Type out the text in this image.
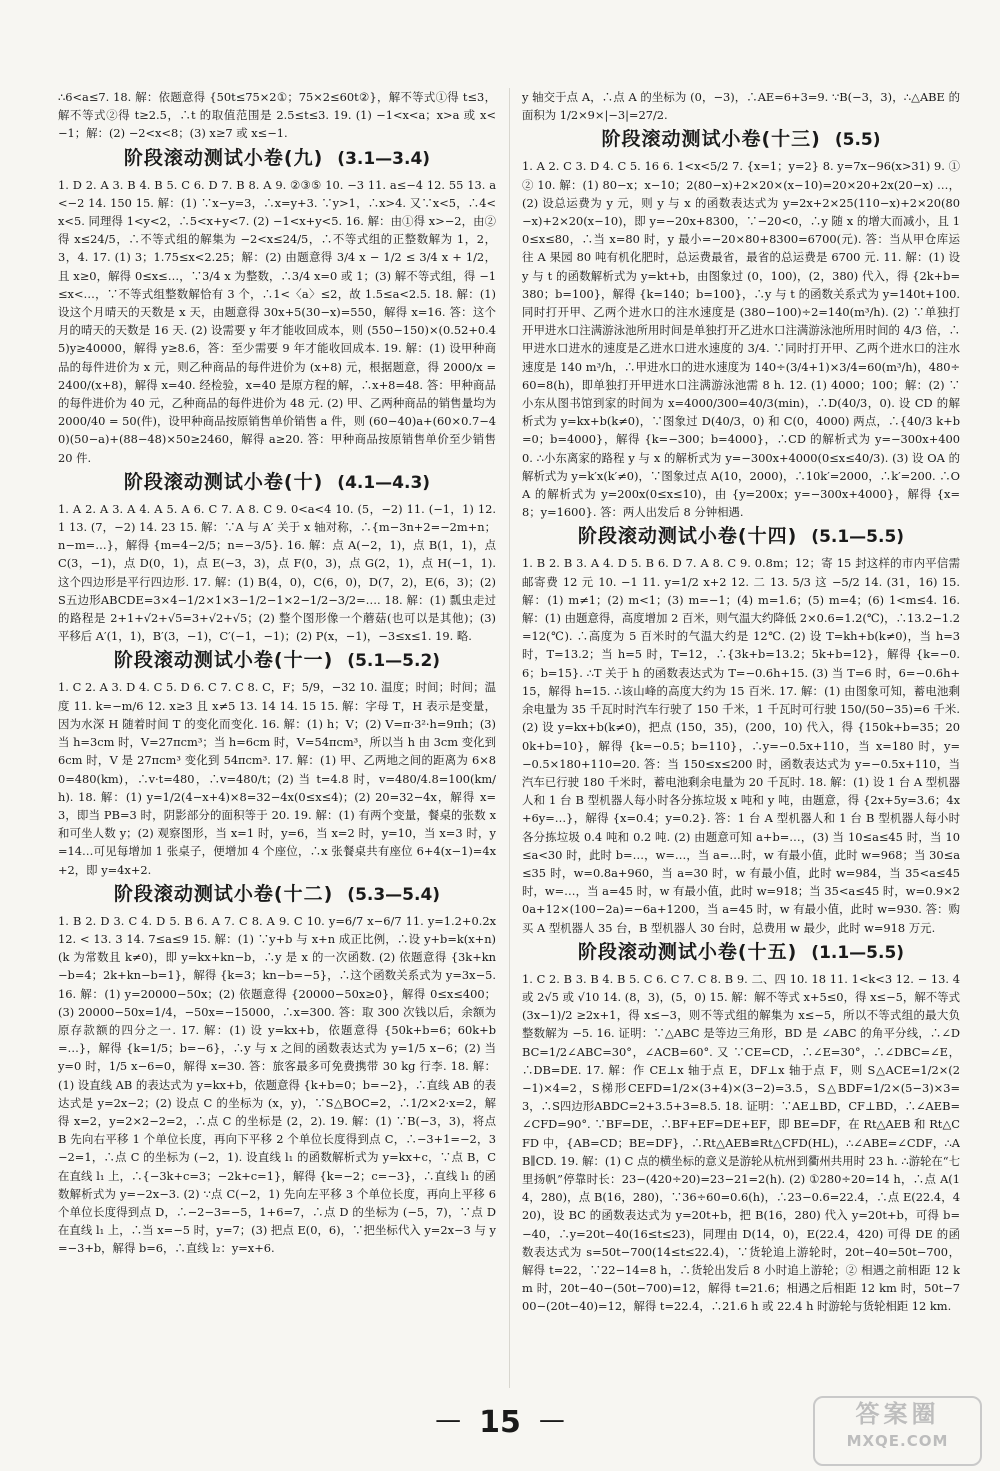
∴6<a≤7. 18. 解：依题意得 {50t≤75×2①；75×2≤60t②}，解不等式①得 t≤3，解不等式②得 t≥2.5，∴t 的取值范围是 2.5≤t≤3. 19. (1) −1<x<a；x>a 或 x<−1；解：(2) −2<x<8；(3) x≥7 或 x≤−1.

阶段滚动测试小卷(九) (3.1—3.4)

1. D 2. A 3. B 4. B 5. C 6. D 7. B 8. A 9. ②③⑤ 10. −3 11. a≤−4 12. 55 13. a<−2 14. 150 15. 解：(1) ∵x−y=3，∴x=y+3. ∵y>1，∴x>4. 又∵x<5，∴4<x<5. 同理得 1<y<2，∴5<x+y<7. (2) −1<x+y<5. 16. 解：由①得 x>−2，由②得 x≤24/5，∴不等式组的解集为 −2<x≤24/5，∴不等式组的正整数解为 1，2，3，4. 17. (1) 3；1.75≤x<2.25；解：(2) 由题意得 3/4 x − 1/2 ≤ 3/4 x + 1/2，且 x≥0，解得 0≤x≤…，∵3/4 x 为整数，∴3/4 x=0 或 1；(3) 解不等式组，得 −1≤x<…，∵不等式组整数解恰有 3 个，∴1<〈a〉≤2，故 1.5≤a<2.5. 18. 解：(1) 设这个月晴天的天数是 x 天，由题意得 30x+5(30−x)=550，解得 x=16. 答：这个月的晴天的天数是 16 天. (2) 设需要 y 年才能收回成本，则 (550−150)×(0.52+0.45)y≥40000，解得 y≥8.6，答：至少需要 9 年才能收回成本. 19. 解：(1) 设甲种商品的每件进价为 x 元，则乙种商品的每件进价为 (x+8) 元，根据题意，得 2000/x = 2400/(x+8)，解得 x=40. 经检验，x=40 是原方程的解，∴x+8=48. 答：甲种商品的每件进价为 40 元，乙种商品的每件进价为 48 元. (2) 甲、乙两种商品的销售量均为 2000/40 = 50(件)，设甲种商品按原销售单价销售 a 件，则 (60−40)a+(60×0.7−40)(50−a)+(88−48)×50≥2460，解得 a≥20. 答：甲种商品按原销售单价至少销售 20 件.

阶段滚动测试小卷(十) (4.1—4.3)

1. A 2. A 3. A 4. A 5. A 6. C 7. A 8. C 9. 0<a<4 10. (5，−2) 11. (−1，1) 12. 1 13. (7，−2) 14. 23 15. 解：∵A 与 A′ 关于 x 轴对称，∴{m−3n+2=−2m+n；n−m=…}，解得 {m=4−2/5；n=−3/5}. 16. 解：点 A(−2，1)，点 B(1，1)，点 C(3，−1)，点 D(0，1)，点 E(−3，3)，点 F(0，3)，点 G(2，1)，点 H(−1，1). 这个四边形是平行四边形. 17. 解：(1) B(4，0)，C(6，0)，D(7，2)，E(6，3)；(2) S五边形ABCDE=3×4−1/2×1×3−1/2−1×2−1/2−3/2=…. 18. 解：(1) 瓢虫走过的路程是 2+1+√2+√5=3+√2+√5；(2) 整个图形像一个蘑菇(也可以是其他)；(3) 平移后 A′(1，1)，B′(3，−1)，C′(−1，−1)；(2) P(x，−1)，−3≤x≤1. 19. 略.

阶段滚动测试小卷(十一) (5.1—5.2)

1. C 2. A 3. D 4. C 5. D 6. C 7. C 8. C，F；5/9，−32 10. 温度；时间；时间；温度 11. k=−m/6 12. x≥3 且 x≠5 13. 14 14. 15 15. 解：字母 T，H 表示是变量，因为水深 H 随着时间 T 的变化而变化. 16. 解：(1) h；V；(2) V=π·3²·h=9πh；(3) 当 h=3cm 时，V=27πcm³；当 h=6cm 时，V=54πcm³，所以当 h 由 3cm 变化到 6cm 时，V 是 27πcm³ 变化到 54πcm³. 17. 解：(1) 甲、乙两地之间的距离为 6×80=480(km)，∴v·t=480，∴v=480/t；(2) 当 t=4.8 时，v=480/4.8=100(km/h). 18. 解：(1) y=1/2(4−x+4)×8=32−4x(0≤x≤4)；(2) 20=32−4x，解得 x=3，即当 PB=3 时，阴影部分的面积等于 20. 19. 解：(1) 有两个变量，餐桌的张数 x 和可坐人数 y；(2) 观察图形，当 x=1 时，y=6，当 x=2 时，y=10，当 x=3 时，y=14…可见每增加 1 张桌子，便增加 4 个座位，∴x 张餐桌共有座位 6+4(x−1)=4x+2，即 y=4x+2.

阶段滚动测试小卷(十二) (5.3—5.4)

1. B 2. D 3. C 4. D 5. B 6. A 7. C 8. A 9. C 10. y=6/7 x−6/7 11. y=1.2+0.2x 12. < 13. 3 14. 7≤a≤9 15. 解：(1) ∵y+b 与 x+n 成正比例，∴设 y+b=k(x+n)(k 为常数且 k≠0)，即 y=kx+kn−b，∴y 是 x 的一次函数. (2) 依题意得 {3k+kn−b=4；2k+kn−b=1}，解得 {k=3；kn−b=−5}，∴这个函数关系式为 y=3x−5. 16. 解：(1) y=20000−50x；(2) 依题意得 {20000−50x≥0}，解得 0≤x≤400；(3) 20000−50x=1/4，−50x=−15000，∴x=300. 答：取 300 次钱以后，余额为原存款额的四分之一. 17. 解：(1) 设 y=kx+b，依题意得 {50k+b=6；60k+b=…}，解得 {k=1/5；b=−6}，∴y 与 x 之间的函数表达式为 y=1/5 x−6；(2) 当 y=0 时，1/5 x−6=0，解得 x=30. 答：旅客最多可免费携带 30 kg 行李. 18. 解：(1) 设直线 AB 的表达式为 y=kx+b，依题意得 {k+b=0；b=−2}，∴直线 AB 的表达式是 y=2x−2；(2) 设点 C 的坐标为 (x，y)，∵S△BOC=2，∴1/2×2·x=2，解得 x=2，y=2×2−2=2，∴点 C 的坐标是 (2，2). 19. 解：(1) ∵B(−3，3)，将点 B 先向右平移 1 个单位长度，再向下平移 2 个单位长度得到点 C，∴−3+1=−2，3−2=1，∴点 C 的坐标为 (−2，1). 设直线 l₁ 的函数解析式为 y=kx+c，∵点 B，C 在直线 l₁ 上，∴{−3k+c=3；−2k+c=1}，解得 {k=−2；c=−3}，∴直线 l₁ 的函数解析式为 y=−2x−3. (2) ∵点 C(−2，1) 先向左平移 3 个单位长度，再向上平移 6 个单位长度得到点 D，∴−2−3=−5，1+6=7，∴点 D 的坐标为 (−5，7)，∵点 D 在直线 l₁ 上，∴当 x=−5 时，y=7；(3) 把点 E(0，6)，∵把坐标代入 y=2x−3 与 y=−3+b，解得 b=6，∴直线 l₂：y=x+6.

y 轴交于点 A，∴点 A 的坐标为 (0，−3)，∴AE=6+3=9. ∵B(−3，3)，∴△ABE 的面积为 1/2×9×|−3|=27/2.

阶段滚动测试小卷(十三) (5.5)

1. A 2. C 3. D 4. C 5. 16 6. 1<x<5/2 7. {x=1；y=2} 8. y=7x−96(x>31) 9. ①② 10. 解：(1) 80−x；x−10；2(80−x)+2×20×(x−10)=20×20+2x(20−x) …，(2) 设总运费为 y 元，则 y 与 x 的函数表达式为 y=2x+2×25(110−x)+2×20(80−x)+2×20(x−10)，即 y=−20x+8300，∵−20<0，∴y 随 x 的增大而减小，且 10≤x≤80，∴当 x=80 时，y 最小=−20×80+8300=6700(元). 答：当从甲仓库运往 A 果园 80 吨有机化肥时，总运费最省，最省的总运费是 6700 元. 11. 解：(1) 设 y 与 t 的函数解析式为 y=kt+b，由图象过 (0，100)，(2，380) 代入，得 {2k+b=380；b=100}，解得 {k=140；b=100}，∴y 与 t 的函数关系式为 y=140t+100. 同时打开甲、乙两个进水口的注水速度是 (380−100)÷2=140(m³/h). (2) ∵单独打开甲进水口注满游泳池所用时间是单独打开乙进水口注满游泳池所用时间的 4/3 倍，∴甲进水口进水的速度是乙进水口进水速度的 3/4. ∵同时打开甲、乙两个进水口的注水速度是 140 m³/h，∴甲进水口的进水速度为 140÷(3/4+1)×3/4=60(m³/h)，480÷60=8(h)，即单独打开甲进水口注满游泳池需 8 h. 12. (1) 4000；100；解：(2) ∵小东从图书馆到家的时间为 x=4000/300=40/3(min)，∴D(40/3，0). 设 CD 的解析式为 y=kx+b(k≠0)，∵图象过 D(40/3，0) 和 C(0，4000) 两点，∴{40/3 k+b=0；b=4000}，解得 {k=−300；b=4000}，∴CD 的解析式为 y=−300x+4000. ∴小东离家的路程 y 与 x 的解析式为 y=−300x+4000(0≤x≤40/3). (3) 设 OA 的解析式为 y=k′x(k′≠0)，∵图象过点 A(10，2000)，∴10k′=2000，∴k′=200. ∴OA 的解析式为 y=200x(0≤x≤10)，由 {y=200x；y=−300x+4000}，解得 {x=8；y=1600}. 答：两人出发后 8 分钟相遇.

阶段滚动测试小卷(十四) (5.1—5.5)

1. B 2. B 3. A 4. D 5. B 6. D 7. A 8. C 9. 0.8m；12；寄 15 封这样的市内平信需邮寄费 12 元 10. −1 11. y=1/2 x+2 12. 二 13. 5/3 这 −5/2 14. (31，16) 15. 解：(1) m≠1；(2) m<1；(3) m=−1；(4) m=1.6；(5) m=4；(6) 1<m≤4. 16. 解：(1) 由题意得，高度增加 2 百米，则气温大约降低 2×0.6=1.2(℃)，∴13.2−1.2=12(℃). ∴高度为 5 百米时的气温大约是 12℃. (2) 设 T=kh+b(k≠0)，当 h=3 时，T=13.2；当 h=5 时，T=12，∴{3k+b=13.2；5k+b=12}，解得 {k=−0.6；b=15}. ∴T 关于 h 的函数表达式为 T=−0.6h+15. (3) 当 T=6 时，6=−0.6h+15，解得 h=15. ∴该山峰的高度大约为 15 百米. 17. 解：(1) 由图象可知，蓄电池剩余电量为 35 千瓦时时汽车行驶了 150 千米，1 千瓦时可行驶 150/(50−35)=6 千米. (2) 设 y=kx+b(k≠0)，把点 (150，35)，(200，10) 代入，得 {150k+b=35；200k+b=10}，解得 {k=−0.5；b=110}，∴y=−0.5x+110，当 x=180 时，y=−0.5×180+110=20. 答：当 150≤x≤200 时，函数表达式为 y=−0.5x+110，当汽车已行驶 180 千米时，蓄电池剩余电量为 20 千瓦时. 18. 解：(1) 设 1 台 A 型机器人和 1 台 B 型机器人每小时各分拣垃圾 x 吨和 y 吨，由题意，得 {2x+5y=3.6；4x+6y=…}，解得 {x=0.4；y=0.2}. 答：1 台 A 型机器人和 1 台 B 型机器人每小时各分拣垃圾 0.4 吨和 0.2 吨. (2) 由题意可知 a+b=…，(3) 当 10≤a≤45 时，当 10≤a<30 时，此时 b=…，w=…，当 a=…时，w 有最小值，此时 w=968；当 30≤a≤35 时，w=0.8a+960，当 a=30 时，w 有最小值，此时 w=984，当 35<a≤45 时，w=…，当 a=45 时，w 有最小值，此时 w=918；当 35<a≤45 时，w=0.9×20a+12×(100−2a)=−6a+1200，当 a=45 时，w 有最小值，此时 w=930. 答：购买 A 型机器人 35 台，B 型机器人 30 台时，总费用 w 最少，此时 w=918 万元.

阶段滚动测试小卷(十五) (1.1—5.5)

1. C 2. B 3. B 4. B 5. C 6. C 7. C 8. B 9. 二、四 10. 18 11. 1<k<3 12. − 13. 4 或 2√5 或 √10 14. (8，3)，(5，0) 15. 解：解不等式 x+5≤0，得 x≤−5，解不等式 (3x−1)/2 ≥2x+1，得 x≤−3，则不等式组的解集为 x≤−5，所以不等式组的最大负整数解为 −5. 16. 证明：∵△ABC 是等边三角形，BD 是 ∠ABC 的角平分线，∴∠DBC=1/2∠ABC=30°，∠ACB=60°. 又 ∵CE=CD，∴∠E=30°，∴∠DBC=∠E，∴DB=DE. 17. 解：作 CE⊥x 轴于点 E，DF⊥x 轴于点 F，则 S△ACE=1/2×(2−1)×4=2，S梯形CEFD=1/2×(3+4)×(3−2)=3.5，S△BDF=1/2×(5−3)×3=3，∴S四边形ABDC=2+3.5+3=8.5. 18. 证明：∵AE⊥BD，CF⊥BD，∴∠AEB=∠CFD=90°. ∵BF=DE，∴BF+EF=DE+EF，即 BE=DF，在 Rt△AEB 和 Rt△CFD 中，{AB=CD；BE=DF}，∴Rt△AEB≌Rt△CFD(HL)，∴∠ABE=∠CDF，∴AB∥CD. 19. 解：(1) C 点的横坐标的意义是游轮从杭州到衢州共用时 23 h. ∴游轮在“七里扬帆”停靠时长：23−(420÷20)=23−21=2(h). (2) ①280÷20=14 h，∴点 A(14，280)，点 B(16，280)，∵36÷60=0.6(h)，∴23−0.6=22.4，∴点 E(22.4，420)，设 BC 的函数表达式为 y=20t+b，把 B(16，280) 代入 y=20t+b，可得 b=−40，∴y=20t−40(16≤t≤23)，同理由 D(14，0)，E(22.4，420) 可得 DE 的函数表达式为 s=50t−700(14≤t≤22.4)，∵货轮追上游轮时，20t−40=50t−700，解得 t=22，∵22−14=8 h，∴货轮出发后 8 小时追上游轮；② 相遇之前相距 12 km 时，20t−40−(50t−700)=12，解得 t=21.6；相遇之后相距 12 km 时，50t−700−(20t−40)=12，解得 t=22.4，∴21.6 h 或 22.4 h 时游轮与货轮相距 12 km.

— 15 —	答案圈
MXQE.COM
